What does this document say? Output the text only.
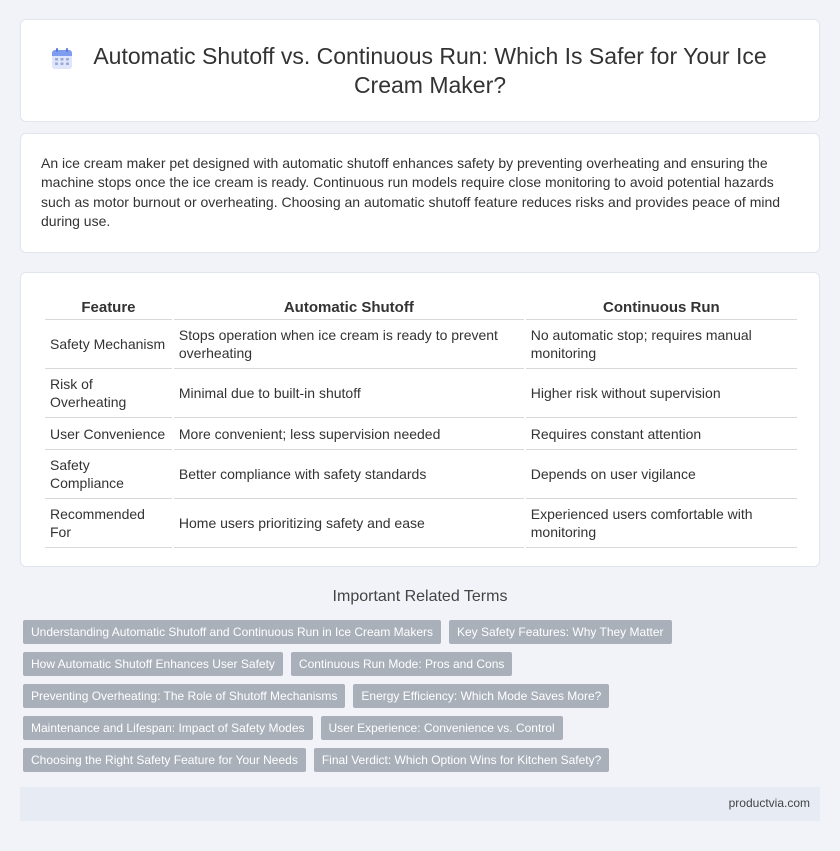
Automatic Shutoff vs. Continuous Run: Which Is Safer for Your Ice Cream Maker?

An ice cream maker pet designed with automatic shutoff enhances safety by preventing overheating and ensuring the machine stops once the ice cream is ready. Continuous run models require close monitoring to avoid potential hazards such as motor burnout or overheating. Choosing an automatic shutoff feature reduces risks and provides peace of mind during use.

Feature	Automatic Shutoff	Continuous Run
Safety Mechanism	Stops operation when ice cream is ready to prevent overheating	No automatic stop; requires manual monitoring
Risk of Overheating	Minimal due to built-in shutoff	Higher risk without supervision
User Convenience	More convenient; less supervision needed	Requires constant attention
Safety Compliance	Better compliance with safety standards	Depends on user vigilance
Recommended For	Home users prioritizing safety and ease	Experienced users comfortable with monitoring
Important Related Terms
Understanding Automatic Shutoff and Continuous Run in Ice Cream Makers	Key Safety Features: Why They Matter
How Automatic Shutoff Enhances User Safety	Continuous Run Mode: Pros and Cons
Preventing Overheating: The Role of Shutoff Mechanisms	Energy Efficiency: Which Mode Saves More?
Maintenance and Lifespan: Impact of Safety Modes	User Experience: Convenience vs. Control
Choosing the Right Safety Feature for Your Needs	Final Verdict: Which Option Wins for Kitchen Safety?
productvia.com
